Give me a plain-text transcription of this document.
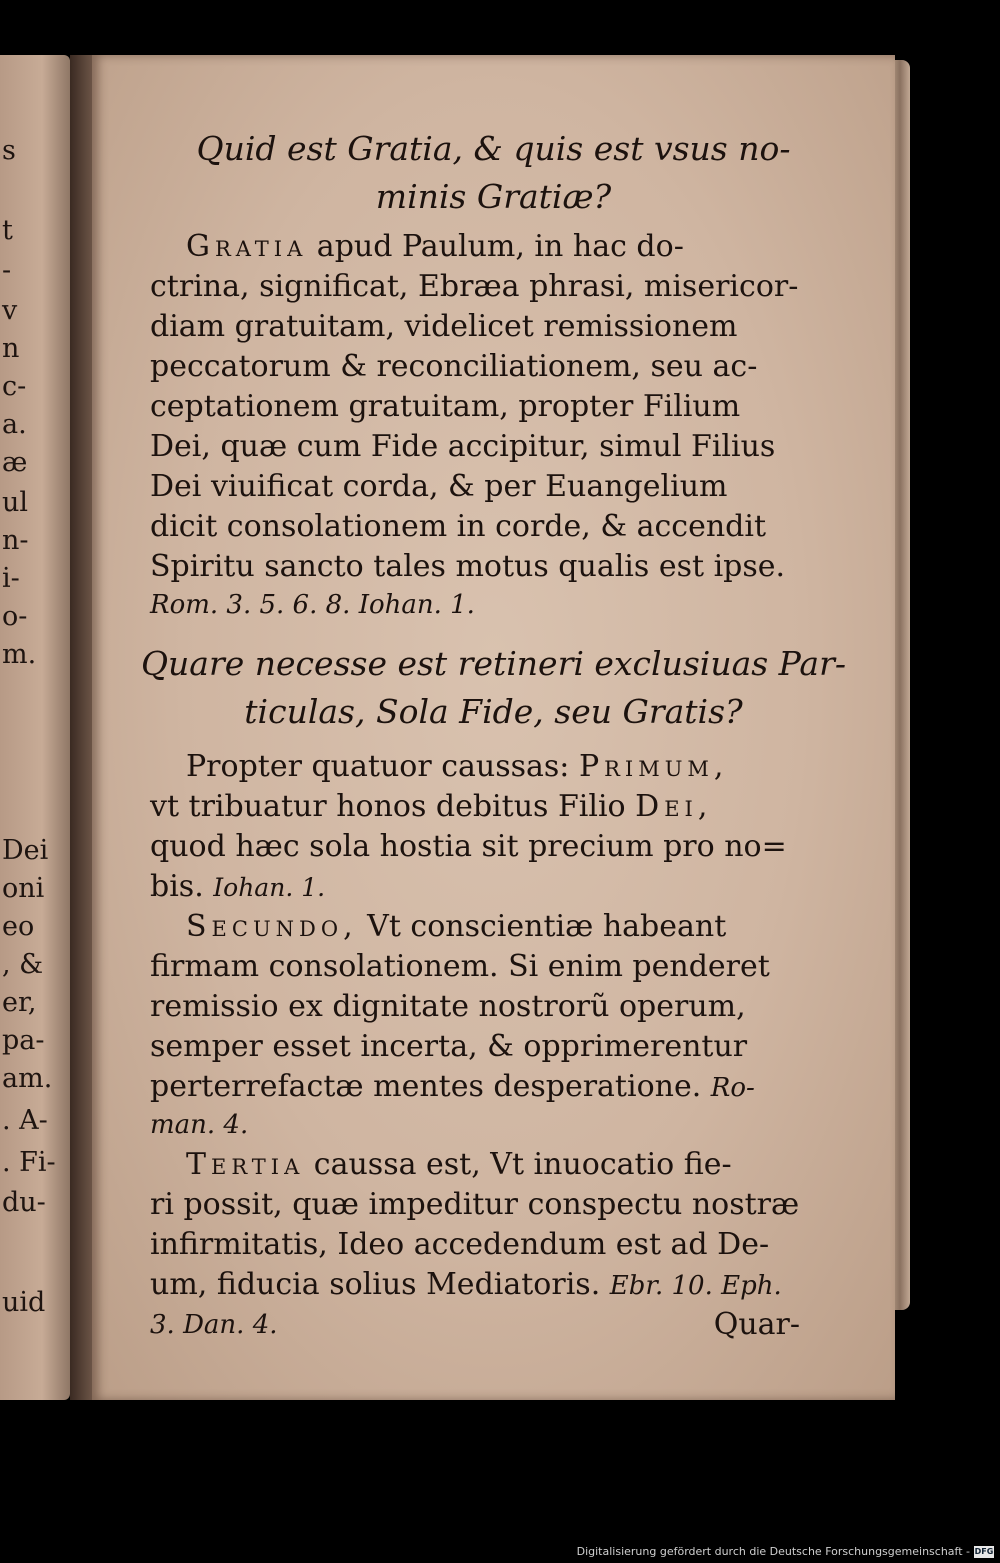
s
t
-
v
n
c-
a.
æ
ul
n-
i-
o-
m.
Dei
oni
eo
, &
er,
pa-
am.
. A-
. Fi-
du-
uid
Quid est Gratia, & quis est vsus no-
minis Gratiæ?
Gratia apud Paulum, in hac do-
ctrina, significat, Ebræa phrasi, misericor-
diam gratuitam, videlicet remissionem
peccatorum & reconciliationem, seu ac-
ceptationem gratuitam, propter Filium
Dei, quæ cum Fide accipitur, simul Filius
Dei viuificat corda, & per Euangelium
dicit consolationem in corde, & accendit
Spiritu sancto tales motus qualis est ipse.
Rom. 3. 5. 6. 8. Iohan. 1.
Quare necesse est retineri exclusiuas Par-
ticulas, Sola Fide, seu Gratis?
Propter quatuor caussas: Primum,
vt tribuatur honos debitus Filio Dei,
quod hæc sola hostia sit precium pro no=
bis. Iohan. 1.
Secundo, Vt conscientiæ habeant
firmam consolationem. Si enim penderet
remissio ex dignitate nostrorũ operum,
semper esset incerta, & opprimerentur
perterrefactæ mentes desperatione. Ro-
man. 4.
Tertia caussa est, Vt inuocatio fie-
ri possit, quæ impeditur conspectu nostræ
infirmitatis, Ideo accedendum est ad De-
um, fiducia solius Mediatoris. Ebr. 10. Eph.
3. Dan. 4.	Quar-
Digitalisierung gefördert durch die Deutsche Forschungsgemeinschaft - DFG
